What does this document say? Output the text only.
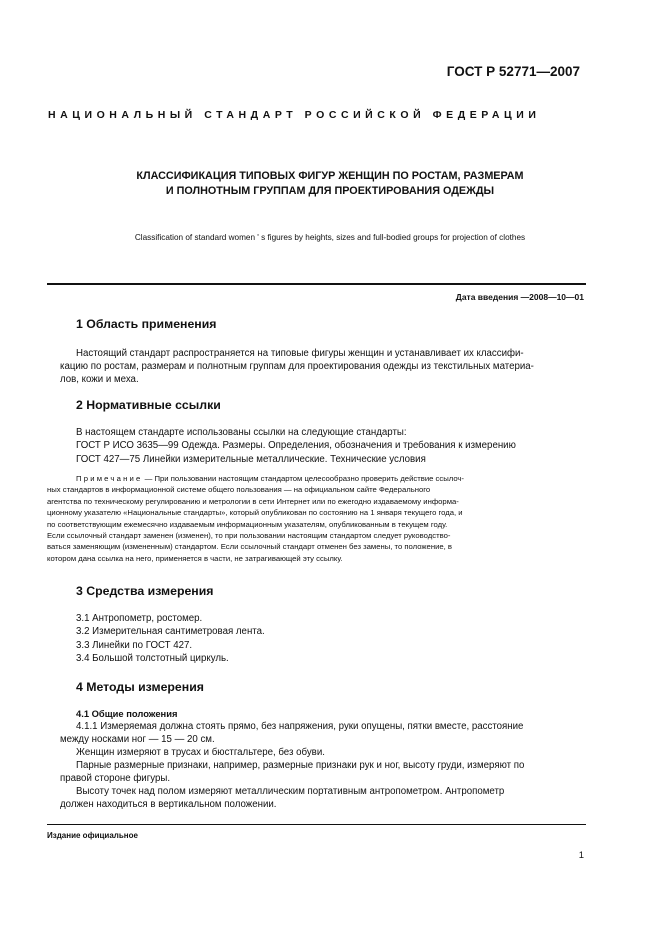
ГОСТ Р 52771—2007
НАЦИОНАЛЬНЫЙ СТАНДАРТ РОССИЙСКОЙ ФЕДЕРАЦИИ
КЛАССИФИКАЦИЯ ТИПОВЫХ ФИГУР ЖЕНЩИН ПО РОСТАМ, РАЗМЕРАМ
И ПОЛНОТНЫМ ГРУППАМ ДЛЯ ПРОЕКТИРОВАНИЯ ОДЕЖДЫ
Classification of standard women ' s figures by heights, sizes and full-bodied groups for projection of clothes
Дата введения —2008—10—01
1 Область применения
Настоящий стандарт распространяется на типовые фигуры женщин и устанавливает их классифи-
кацию по ростам, размерам и полнотным группам для проектирования одежды из текстильных материа-
лов, кожи и меха.
2 Нормативные ссылки
В настоящем стандарте использованы ссылки на следующие стандарты:
ГОСТ Р ИСО 3635—99 Одежда. Размеры. Определения, обозначения и требования к измерению
ГОСТ 427—75 Линейки измерительные металлические. Технические условия
Примечание — При пользовании настоящим стандартом целесообразно проверить действие ссылоч-
ных стандартов в информационной системе общего пользования — на официальном сайте Федерального
агентства по техническому регулированию и метрологии в сети Интернет или по ежегодно издаваемому информа-
ционному указателю «Национальные стандарты», который опубликован по состоянию на 1 января текущего года, и
по соответствующим ежемесячно издаваемым информационным указателям, опубликованным в текущем году.
Если ссылочный стандарт заменен (изменен), то при пользовании настоящим стандартом следует руководство-
ваться заменяющим (измененным) стандартом. Если ссылочный стандарт отменен без замены, то положение, в
котором дана ссылка на него, применяется в части, не затрагивающей эту ссылку.
3 Средства измерения
3.1 Антропометр, ростомер.
3.2 Измерительная сантиметровая лента.
3.3 Линейки по ГОСТ 427.
3.4 Большой толстотный циркуль.
4 Методы измерения
4.1 Общие положения
4.1.1 Измеряемая должна стоять прямо, без напряжения, руки опущены, пятки вместе, расстояние
между носками ног — 15 — 20 см.
Женщин измеряют в трусах и бюстгальтере, без обуви.
Парные размерные признаки, например, размерные признаки рук и ног, высоту груди, измеряют по
правой стороне фигуры.
Высоту точек над полом измеряют металлическим портативным антропометром. Антропометр
должен находиться в вертикальном положении.
Издание официальное
1
